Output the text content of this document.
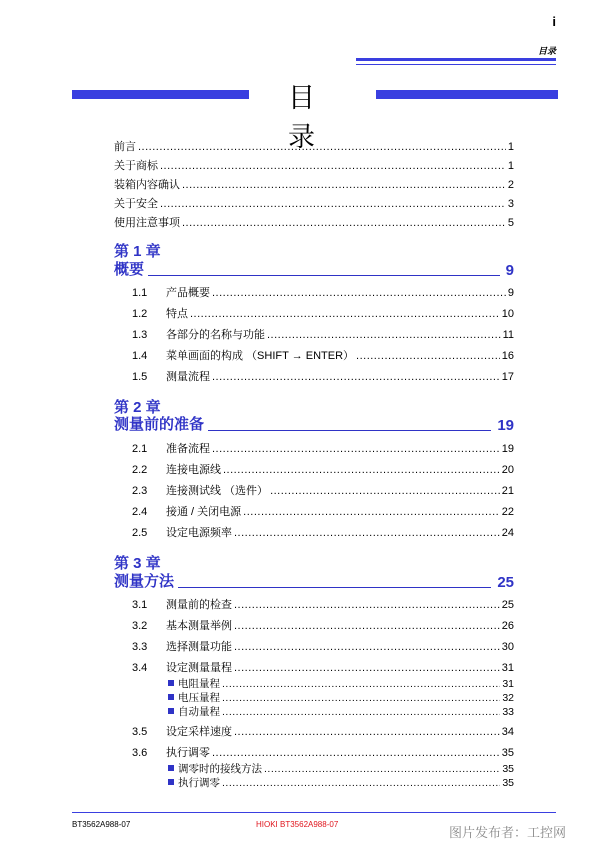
i
目录
目 录
前言 .....	1
关于商标 .....	1
装箱内容确认 .....	2
关于安全 .....	3
使用注意事项 .....	5
第 1 章
概要	9
1.1	产品概要 .....	9
1.2	特点 .....	10
1.3	各部分的名称与功能 .....	11
1.4	菜单画面的构成 （SHIFT → ENTER） .....	16
1.5	测量流程 .....	17
第 2 章
测量前的准备	19
2.1	准备流程 .....	19
2.2	连接电源线 .....	20
2.3	连接测试线 （选件） .....	21
2.4	接通 / 关闭电源 .....	22
2.5	设定电源频率 .....	24
第 3 章
测量方法	25
3.1	测量前的检查 .....	25
3.2	基本测量举例 .....	26
3.3	选择测量功能 .....	30
3.4	设定测量量程 .....	31
电阻量程 .....	31
电压量程 .....	32
自动量程 .....	33
3.5	设定采样速度 .....	34
3.6	执行调零 .....	35
调零时的接线方法 .....	35
执行调零 .....	35
BT3562A988-07	HIOKI BT3562A988-07
图片发布者：工控网
